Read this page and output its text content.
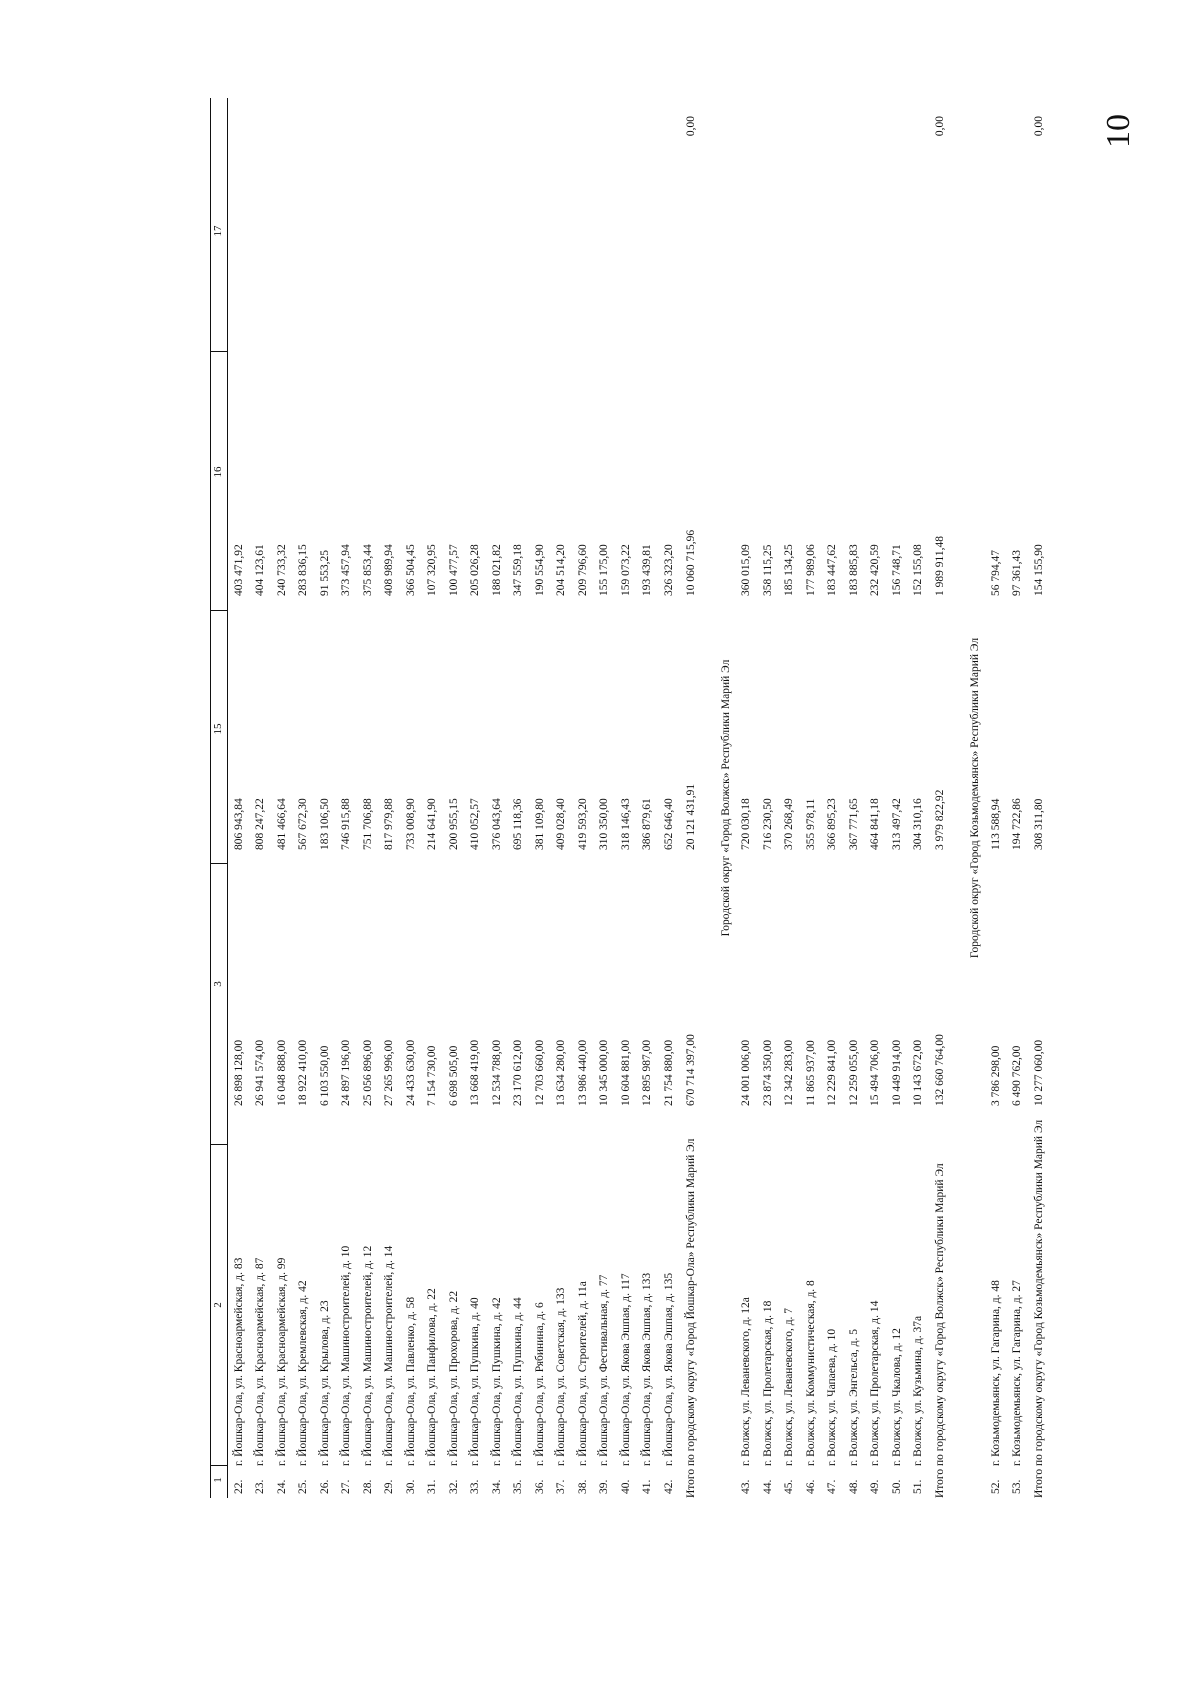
10
1
2
3
15
16
17
22.
г. Йошкар-Ола, ул. Красноармейская, д. 83
26 898 128,00
806 943,84
403 471,92
23.
г. Йошкар-Ола, ул. Красноармейская, д. 87
26 941 574,00
808 247,22
404 123,61
24.
г. Йошкар-Ола, ул. Красноармейская, д. 99
16 048 888,00
481 466,64
240 733,32
25.
г. Йошкар-Ола, ул. Кремлевская, д. 42
18 922 410,00
567 672,30
283 836,15
26.
г. Йошкар-Ола, ул. Крылова, д. 23
6 103 550,00
183 106,50
91 553,25
27.
г. Йошкар-Ола, ул. Машиностроителей, д. 10
24 897 196,00
746 915,88
373 457,94
28.
г. Йошкар-Ола, ул. Машиностроителей, д. 12
25 056 896,00
751 706,88
375 853,44
29.
г. Йошкар-Ола, ул. Машиностроителей, д. 14
27 265 996,00
817 979,88
408 989,94
30.
г. Йошкар-Ола, ул. Павленко, д. 58
24 433 630,00
733 008,90
366 504,45
31.
г. Йошкар-Ола, ул. Панфилова, д. 22
7 154 730,00
214 641,90
107 320,95
32.
г. Йошкар-Ола, ул. Прохорова, д. 22
6 698 505,00
200 955,15
100 477,57
33.
г. Йошкар-Ола, ул. Пушкина, д. 40
13 668 419,00
410 052,57
205 026,28
34.
г. Йошкар-Ола, ул. Пушкина, д. 42
12 534 788,00
376 043,64
188 021,82
35.
г. Йошкар-Ола, ул. Пушкина, д. 44
23 170 612,00
695 118,36
347 559,18
36.
г. Йошкар-Ола, ул. Рябинина, д. 6
12 703 660,00
381 109,80
190 554,90
37.
г. Йошкар-Ола, ул. Советская, д. 133
13 634 280,00
409 028,40
204 514,20
38.
г. Йошкар-Ола, ул. Строителей, д. 11а
13 986 440,00
419 593,20
209 796,60
39.
г. Йошкар-Ола, ул. Фестивальная, д. 77
10 345 000,00
310 350,00
155 175,00
40.
г. Йошкар-Ола, ул. Якова Эшпая, д. 117
10 604 881,00
318 146,43
159 073,22
41.
г. Йошкар-Ола, ул. Якова Эшпая, д. 133
12 895 987,00
386 879,61
193 439,81
42.
г. Йошкар-Ола, ул. Якова Эшпая, д. 135
21 754 880,00
652 646,40
326 323,20
Итого по городскому округу «Город Йошкар-Ола» Республики Марий Эл
670 714 397,00
20 121 431,91
10 060 715,96
0,00
Городской округ «Город Волжск» Республики Марий Эл
43.
г. Волжск, ул. Леваневского, д. 12а
24 001 006,00
720 030,18
360 015,09
44.
г. Волжск, ул. Пролетарская, д. 18
23 874 350,00
716 230,50
358 115,25
45.
г. Волжск, ул. Леваневского, д. 7
12 342 283,00
370 268,49
185 134,25
46.
г. Волжск, ул. Коммунистическая, д. 8
11 865 937,00
355 978,11
177 989,06
47.
г. Волжск, ул. Чапаева, д. 10
12 229 841,00
366 895,23
183 447,62
48.
г. Волжск, ул. Энгельса, д. 5
12 259 055,00
367 771,65
183 885,83
49.
г. Волжск, ул. Пролетарская, д. 14
15 494 706,00
464 841,18
232 420,59
50.
г. Волжск, ул. Чкалова, д. 12
10 449 914,00
313 497,42
156 748,71
51.
г. Волжск, ул. Кузьмина, д. 37а
10 143 672,00
304 310,16
152 155,08
Итого по городскому округу «Город Волжск» Республики Марий Эл
132 660 764,00
3 979 822,92
1 989 911,48
0,00
Городской округ «Город Козьмодемьянск» Республики Марий Эл
52.
г. Козьмодемьянск, ул. Гагарина, д. 48
3 786 298,00
113 588,94
56 794,47
53.
г. Козьмодемьянск, ул. Гагарина, д. 27
6 490 762,00
194 722,86
97 361,43
Итого по городскому округу «Город Козьмодемьянск» Республики Марий Эл
10 277 060,00
308 311,80
154 155,90
0,00
